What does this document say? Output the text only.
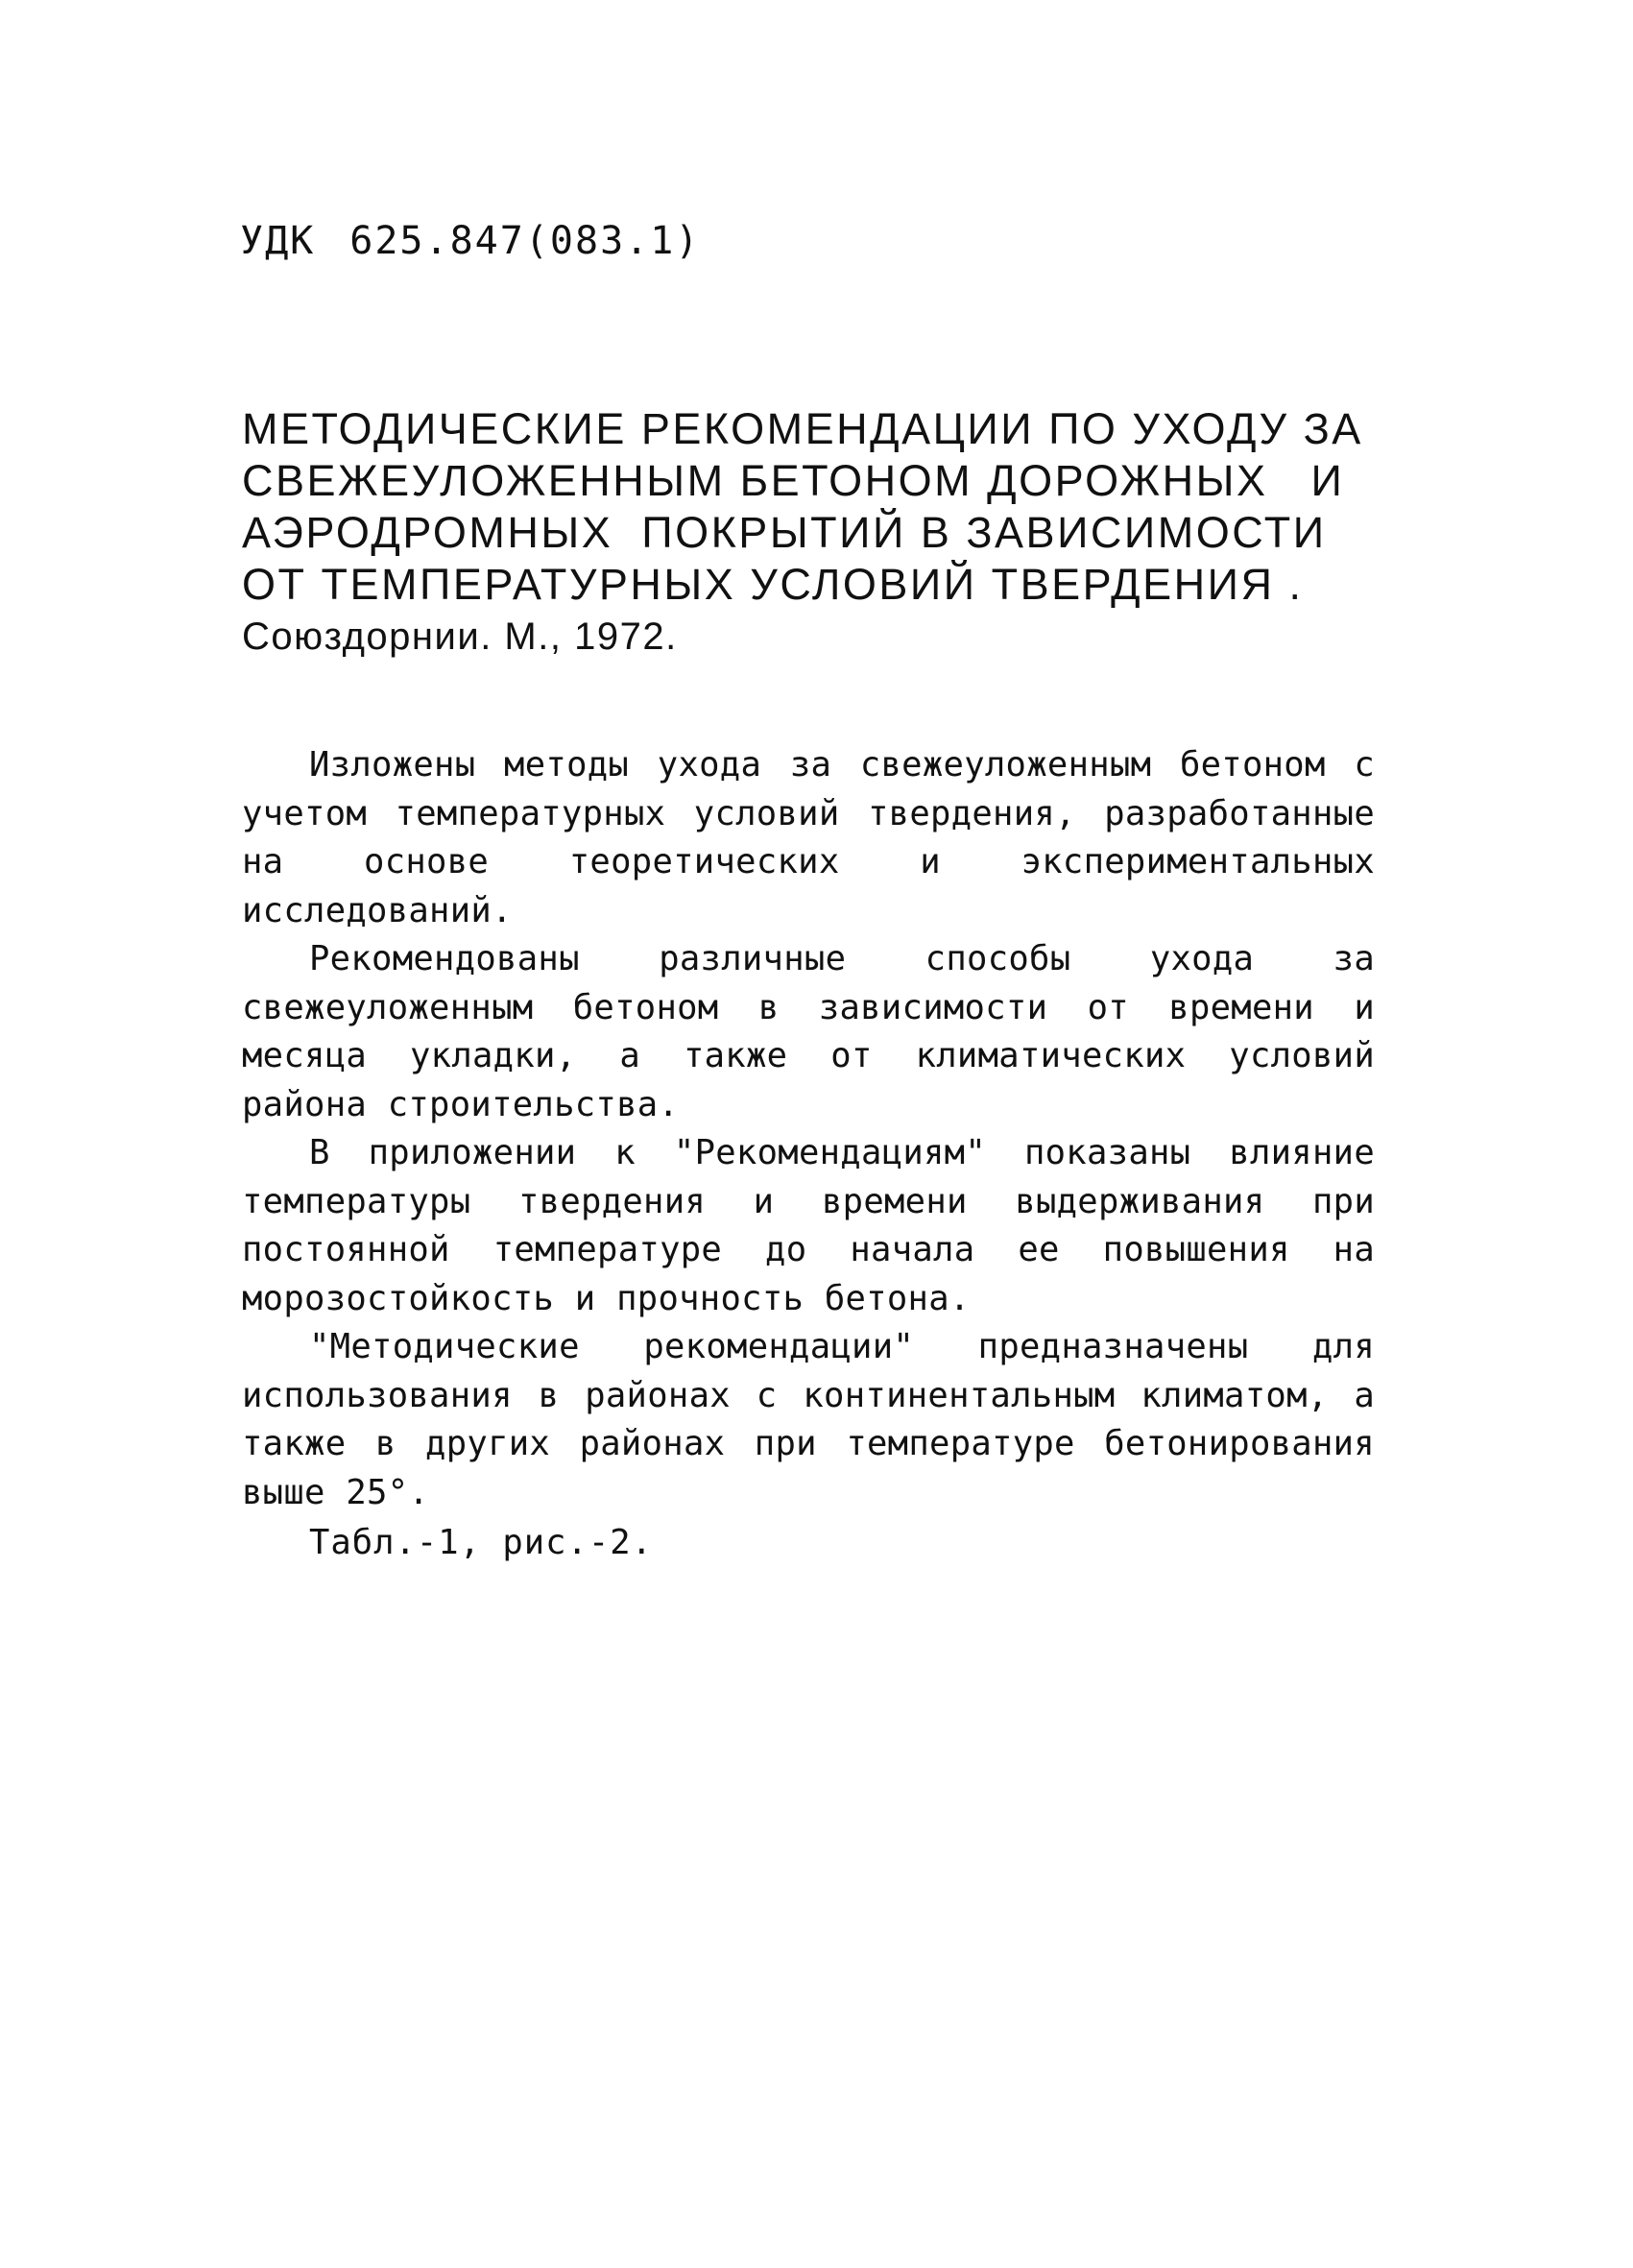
УДК 625.847(083.1)
МЕТОДИЧЕСКИЕ РЕКОМЕНДАЦИИ ПО УХОДУ ЗА
СВЕЖЕУЛОЖЕННЫМ БЕТОНОМ ДОРОЖНЫХ   И
АЭРОДРОМНЫХ  ПОКРЫТИЙ В ЗАВИСИМОСТИ
ОТ ТЕМПЕРАТУРНЫХ УСЛОВИЙ ТВЕРДЕНИЯ .
Союздорнии. М., 1972.

Изложены методы ухода за свежеуложенным бетоном с учетом температурных условий твердения, разработанные на основе теоретических и экспериментальных исследований.

Рекомендованы различные способы ухода за свежеуложенным бетоном в зависимости от времени и месяца укладки, а также от климатических условий района строительства.

В приложении к "Рекомендациям" показаны влияние температуры твердения и времени выдерживания при постоянной температуре до начала ее повышения на морозостойкость и прочность бетона.

"Методические рекомендации" предназначены для использования в районах с континентальным климатом, а также в других районах при температуре бетонирования выше 25°.

Табл.-1, рис.-2.
